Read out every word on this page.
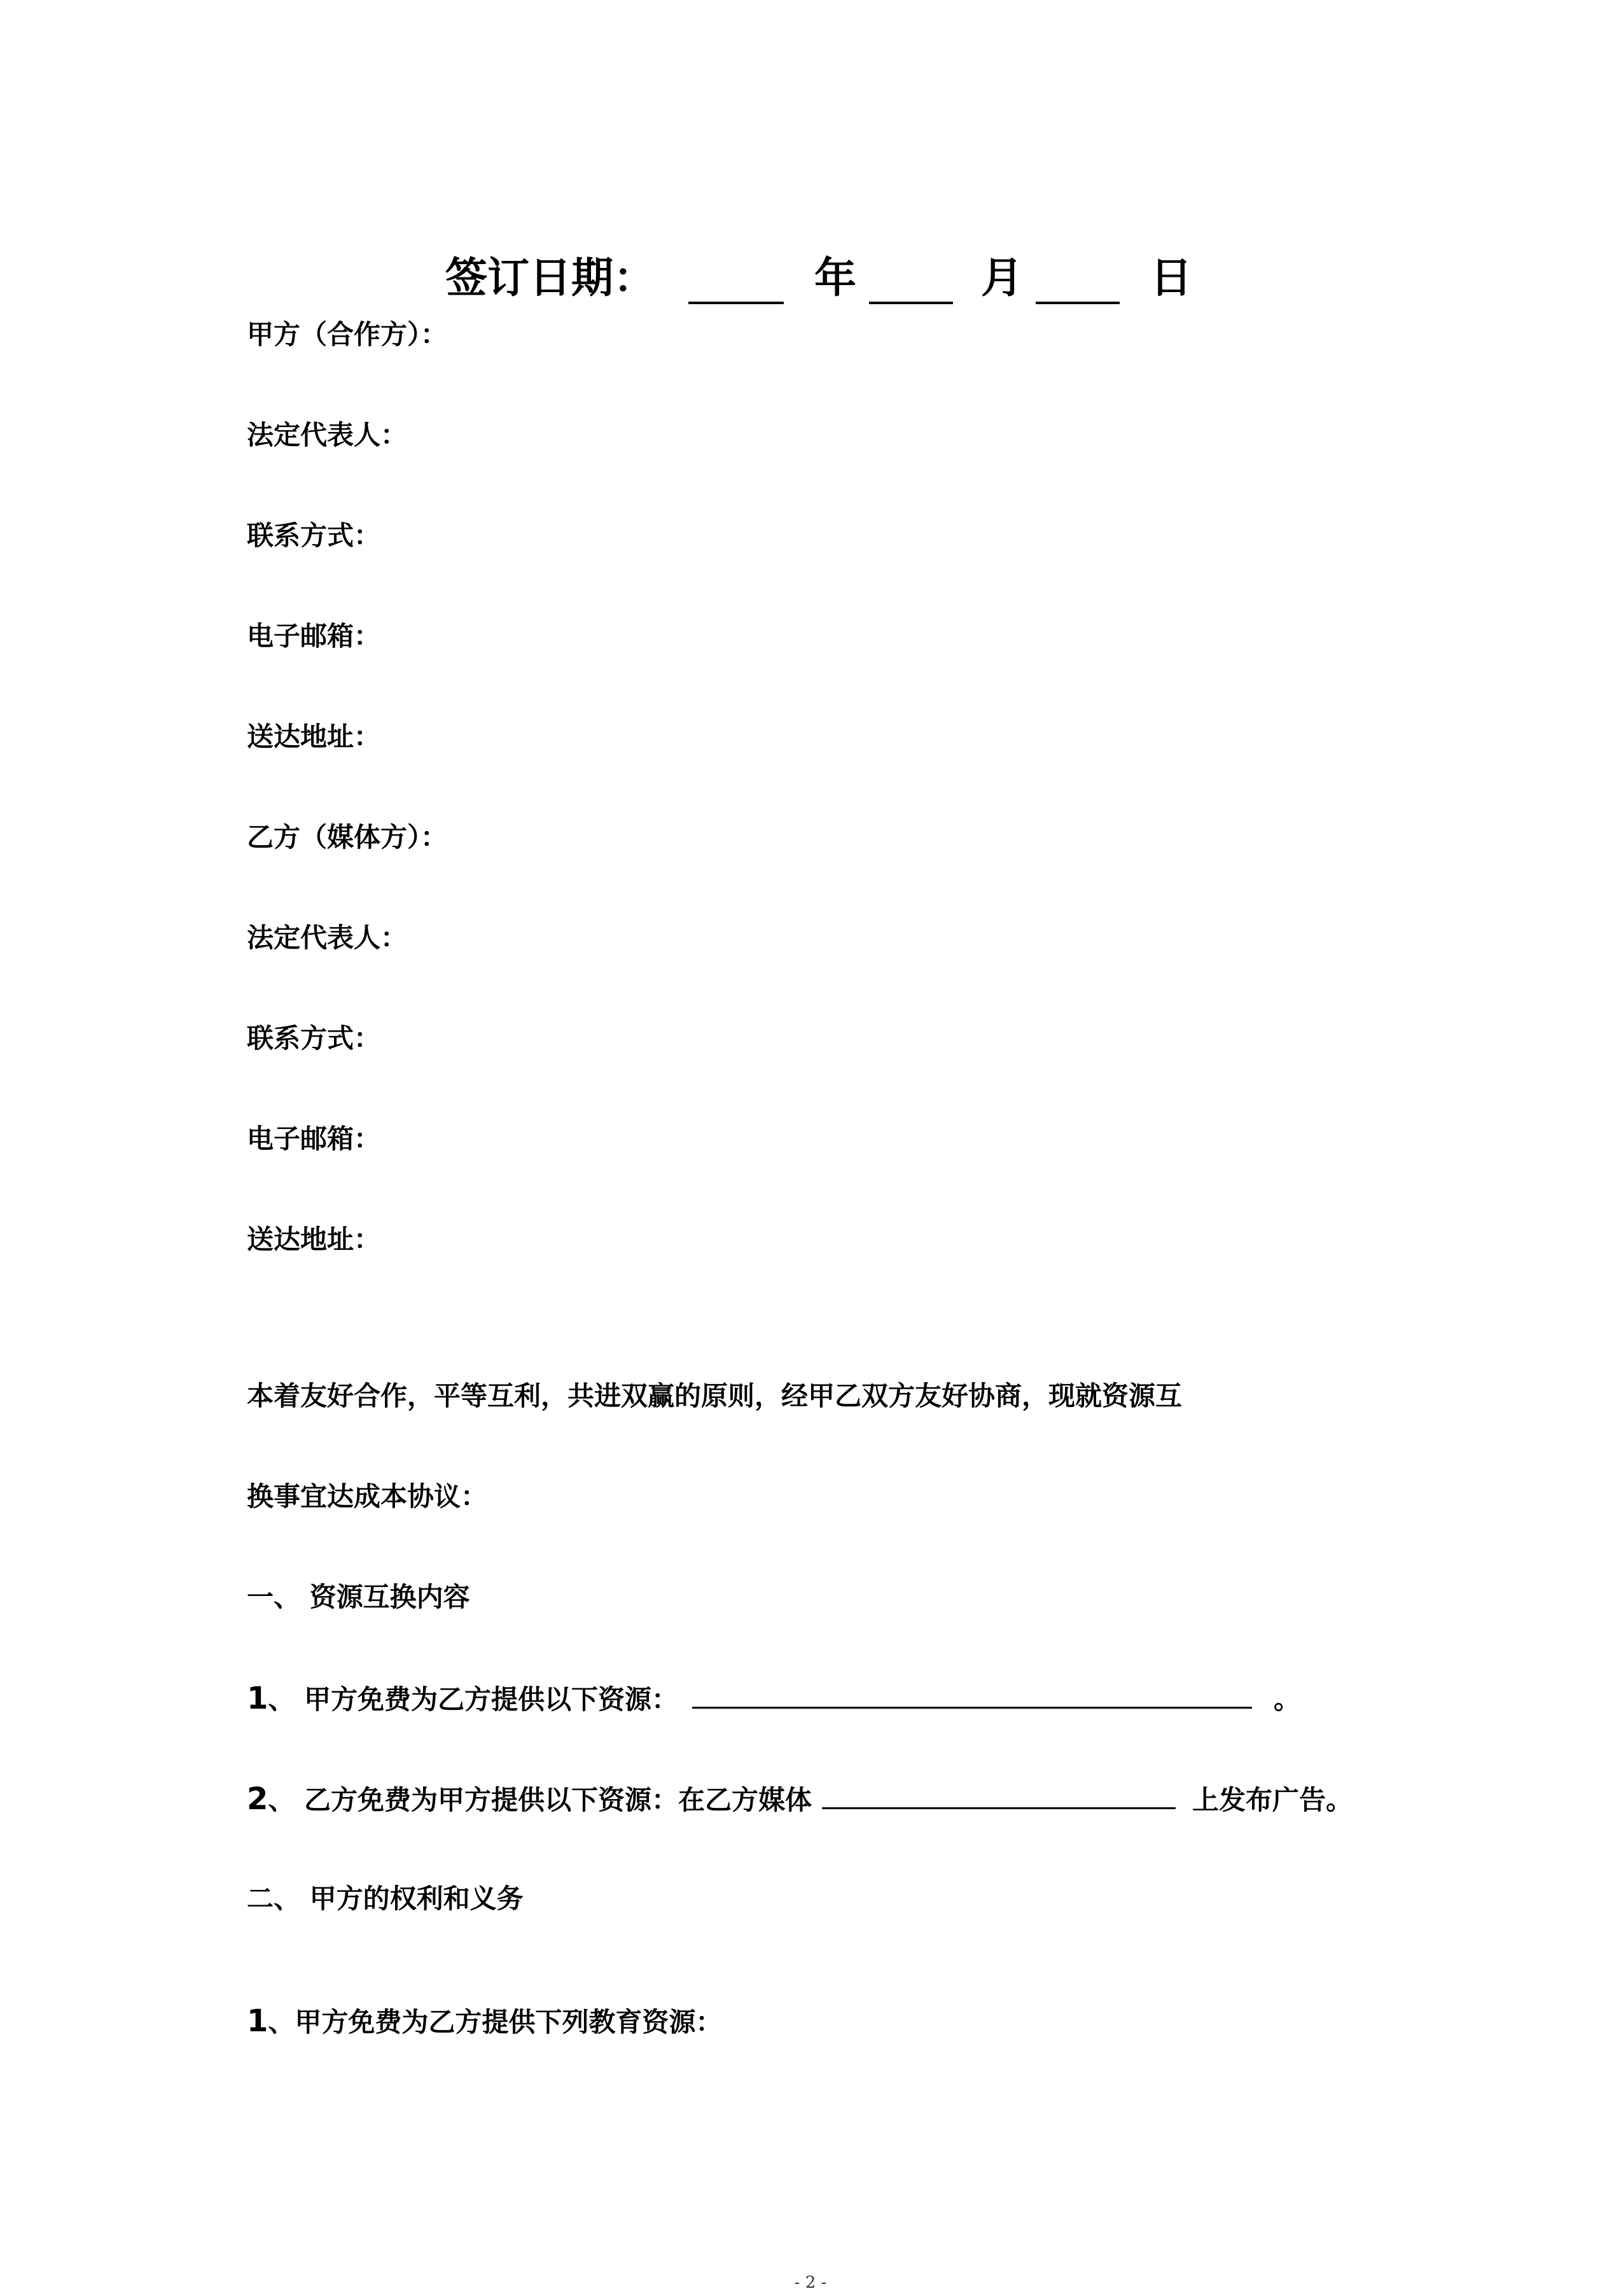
签订日期：	年	月	日
甲方（合作方）：
法定代表人：
联系方式：
电子邮箱：
送达地址：
乙方（媒体方）：
法定代表人：
联系方式：
电子邮箱：
送达地址：
本着友好合作，平等互利，共进双赢的原则，经甲乙双方友好协商，现就资源互
换事宜达成本协议：
一、 资源互换内容
1、 甲方免费为乙方提供以下资源：	。
2、 乙方免费为甲方提供以下资源：在乙方媒体	上发布广告。
二、 甲方的权利和义务
1、甲方免费为乙方提供下列教育资源：
- 2 -
